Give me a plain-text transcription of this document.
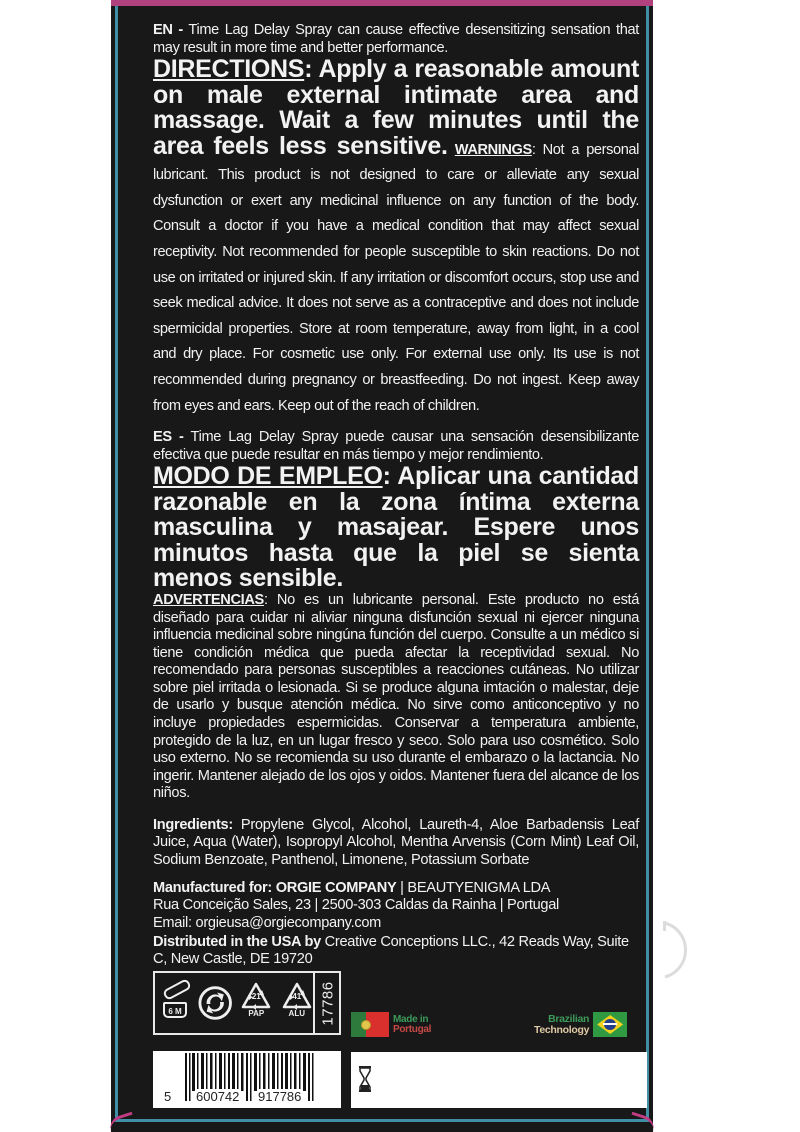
EN - Time Lag Delay Spray can cause effective desensitizing sensation that may result in more time and better performance.

DIRECTIONS: Apply a reasonable amount on male external intimate area and massage. Wait a few minutes until the area feels less sensitive. WARNINGS: Not a personal lubricant. This product is not designed to care or alleviate any sexual dysfunction or exert any medicinal influence on any function of the body. Consult a doctor if you have a medical condition that may affect sexual receptivity. Not recommended for people susceptible to skin reactions. Do not use on irritated or injured skin. If any irritation or discomfort occurs, stop use and seek medical advice. It does not serve as a contraceptive and does not include spermicidal properties. Store at room temperature, away from light, in a cool and dry place. For cosmetic use only. For external use only. Its use is not recommended during pregnancy or breastfeeding. Do not ingest. Keep away from eyes and ears. Keep out of the reach of children.

ES - Time Lag Delay Spray puede causar una sensación desensibilizante efectiva que puede resultar en más tiempo y mejor rendimiento.

MODO DE EMPLEO: Aplicar una cantidad razonable en la zona íntima externa masculina y masajear. Espere unos minutos hasta que la piel se sienta menos sensible.

ADVERTENCIAS: No es un lubricante personal. Este producto no está diseñado para cuidar ni aliviar ninguna disfunción sexual ni ejercer ninguna influencia medicinal sobre ningúna función del cuerpo. Consulte a un médico si tiene condición médica que pueda afectar la receptividad sexual. No recomendado para personas susceptibles a reacciones cutáneas. No utilizar sobre piel irritada o lesionada. Si se produce alguna imtación o malestar, deje de usarlo y busque atención médica. No sirve como anticonceptivo y no incluye propiedades espermicidas. Conservar a temperatura ambiente, protegido de la luz, en un lugar fresco y seco. Solo para uso cosmético. Solo uso externo. No se recomienda su uso durante el embarazo o la lactancia. No ingerir. Mantener alejado de los ojos y oidos. Mantener fuera del alcance de los niños.

Ingredients: Propylene Glycol, Alcohol, Laureth-4, Aloe Barbadensis Leaf Juice, Aqua (Water), Isopropyl Alcohol, Mentha Arvensis (Corn Mint) Leaf Oil, Sodium Benzoate, Panthenol, Limonene, Potassium Sorbate

Manufactured for: ORGIE COMPANY | BEAUTYENIGMA LDA
Rua Conceição Sales, 23 | 2500-303 Caldas da Rainha | Portugal
Email: orgieusa@orgiecompany.com
Distributed in the USA by Creative Conceptions LLC., 42 Reads Way, Suite C, New Castle, DE 19720
6 M
21
PAP
41
ALU 17786	Made in
Portugal
Brazilian
Technology
5 600742 917786
